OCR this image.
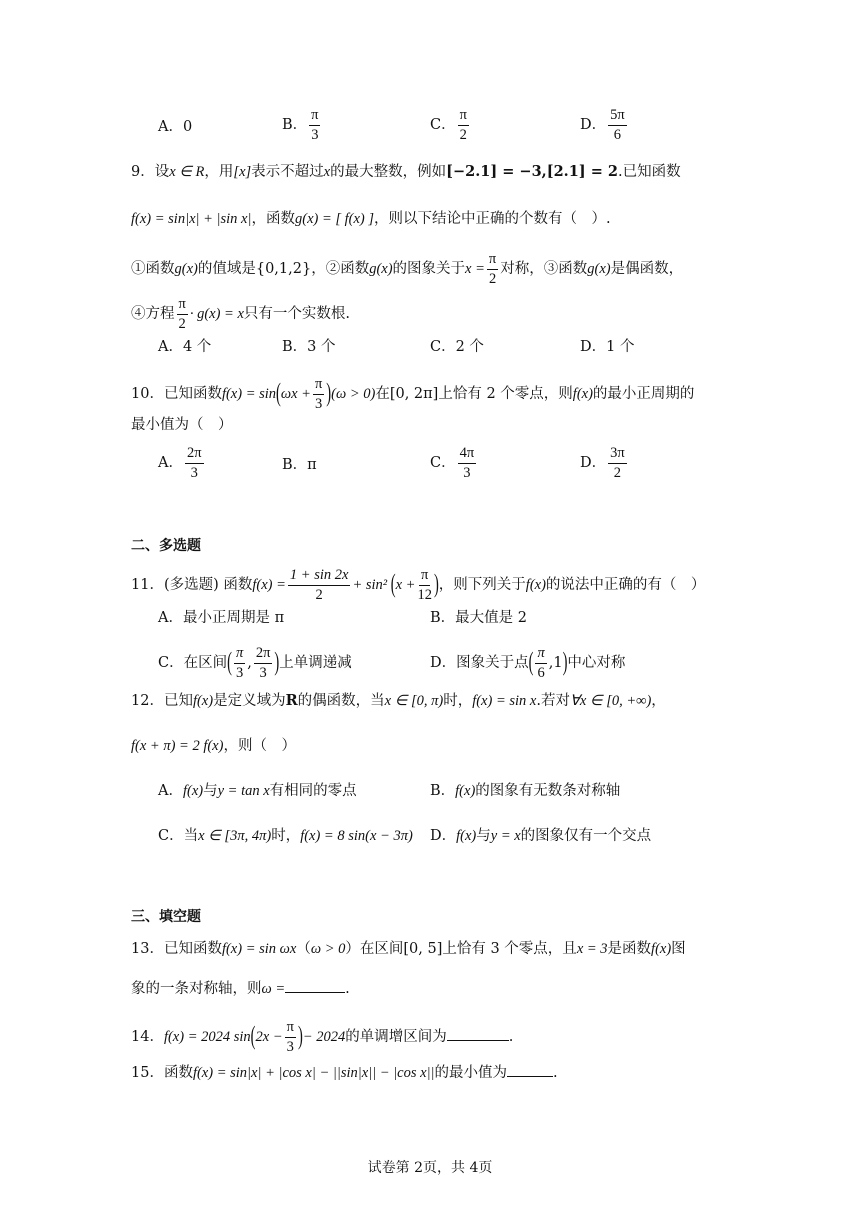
A．0	B． $\frac{\pi}{3}$	C． $\frac{\pi}{2}$	D． $\frac{5\pi}{6}$
9．设x ∈ R，用[x]表示不超过x的最大整数，例如[−2.1] = −3,[2.1] = 2.已知函数
f(x) = sin|x| + |sin x|，函数g(x) = [ f(x) ]，则以下结论中正确的个数有（　）.
①函数g(x)的值域是{0,1,2}，②函数g(x)的图象关于$x = \frac{\pi}{2}$ 对称，③函数g(x)是偶函数，
④方程 $\frac{\pi}{2} \cdot g(x) = x$只有一个实数根.
A．4 个	B．3 个	C．2 个	D．1 个
10．已知函数$f(x) = \sin(\omega x + \frac{\pi}{3} )(\omega > 0)$在[0, 2π]上恰有 2 个零点，则f(x)的最小正周期的
最小值为（　）
A． $\frac{2\pi}{3}$	B．π	C． $\frac{4\pi}{3}$	D． $\frac{3\pi}{2}$
二、多选题
11．(多选题) 函数$f(x) = \frac{1 + \sin 2x}{2} + \sin^2$ ($x + \frac{\pi}{12}$ )，则下列关于f(x)的说法中正确的有（　）
A．最小正周期是 π	B．最大值是 2
C．在区间( $\frac{\pi}{3}$ , $\frac{2\pi}{3}$ )上单调递减	D．图象关于点( $\frac{\pi}{6} ,1$)中心对称
12．已知f(x)是定义域为R的偶函数，当x ∈ [0, π)时，f(x) = sin x.若对∀x ∈ [0, +∞)，
f(x + π) = 2 f(x)，则（　）
A．f(x)与y = tan x有相同的零点	B．f(x)的图象有无数条对称轴
C．当x ∈ [3π, 4π)时，f(x) = 8 sin(x − 3π) D．f(x)与y = x的图象仅有一个交点
三、填空题
13．已知函数f(x) = sin ωx（ω > 0）在区间[0, 5]上恰有 3 个零点，且x = 3是函数f(x)图
象的一条对称轴，则ω =	.
14．f(x) = 2024 $\sin(2x - \frac{\pi}{3}$ )− 2024的单调增区间为	.
15．函数f(x) = sin|x| + |cos x| − ||sin|x|| − |cos x||的最小值为	.
试卷第 2页，共 4页
